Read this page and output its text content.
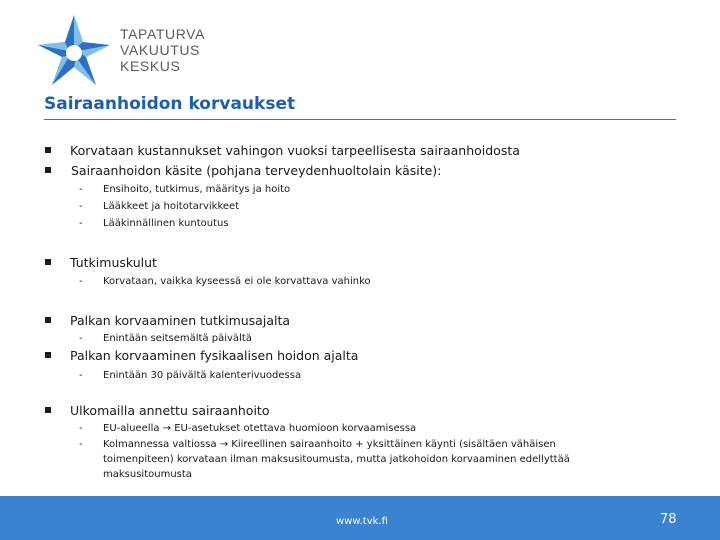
TAPATURVA
VAKUUTUS
KESKUS
Sairaanhoidon korvaukset
Korvataan kustannukset vahingon vuoksi tarpeellisesta sairaanhoidosta
Sairaanhoidon käsite (pohjana terveydenhuoltolain käsite):
- Ensihoito, tutkimus, määritys ja hoito
- Lääkkeet ja hoitotarvikkeet
- Lääkinnällinen kuntoutus
Tutkimuskulut
- Korvataan, vaikka kyseessä ei ole korvattava vahinko
Palkan korvaaminen tutkimusajalta
- Enintään seitsemältä päivältä
Palkan korvaaminen fysikaalisen hoidon ajalta
- Enintään 30 päivältä kalenterivuodessa
Ulkomailla annettu sairaanhoito
- EU-alueella → EU-asetukset otettava huomioon korvaamisessa
- Kolmannessa valtiossa → Kiireellinen sairaanhoito + yksittäinen käynti (sisältäen vähäisen
toimenpiteen) korvataan ilman maksusitoumusta, mutta jatkohoidon korvaaminen edellyttää
maksusitoumusta
www.tvk.fi	78
